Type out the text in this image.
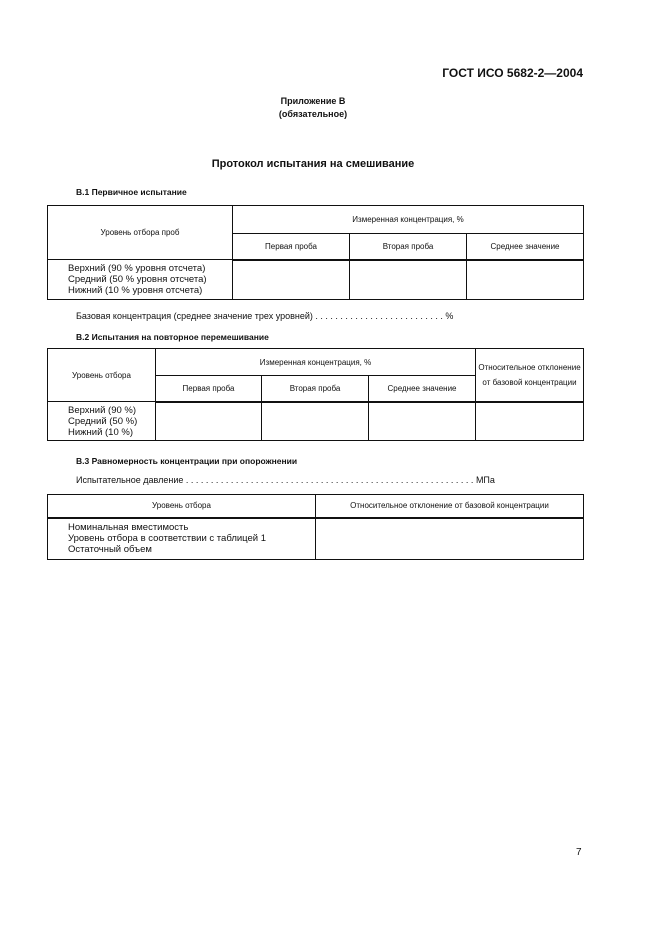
ГОСТ ИСО 5682-2—2004
Приложение В
(обязательное)
Протокол испытания на смешивание
В.1 Первичное испытание
Уровень отбора проб	Измеренная концентрация, %		
	Первая проба	Вторая проба	Среднее значение

Верхний (90 % уровня отсчета)
Средний (50 % уровня отсчета)
Нижний (10 % уровня отсчета)			

Базовая концентрация (среднее значение трех уровней) . . . . . . . . . . . . . . . . . . . . . . . . . . %
В.2 Испытания на повторное перемешивание
Уровень отбора	Измеренная концентрация, %			Относительное отклонение от базовой концентрации
	Первая проба	Вторая проба	Среднее значение	

Верхний (90 %)
Средний (50 %)
Нижний (10 %)				

В.3 Равномерность концентрации при опорожнении
Испытательное давление . . . . . . . . . . . . . . . . . . . . . . . . . . . . . . . . . . . . . . . . . . . . . . . . . . . . . . . . . . МПа
Уровень отбора	Относительное отклонение от базовой концентрации

Номинальная вместимость
Уровень отбора в соответствии с таблицей 1
Остаточный объем	

7
